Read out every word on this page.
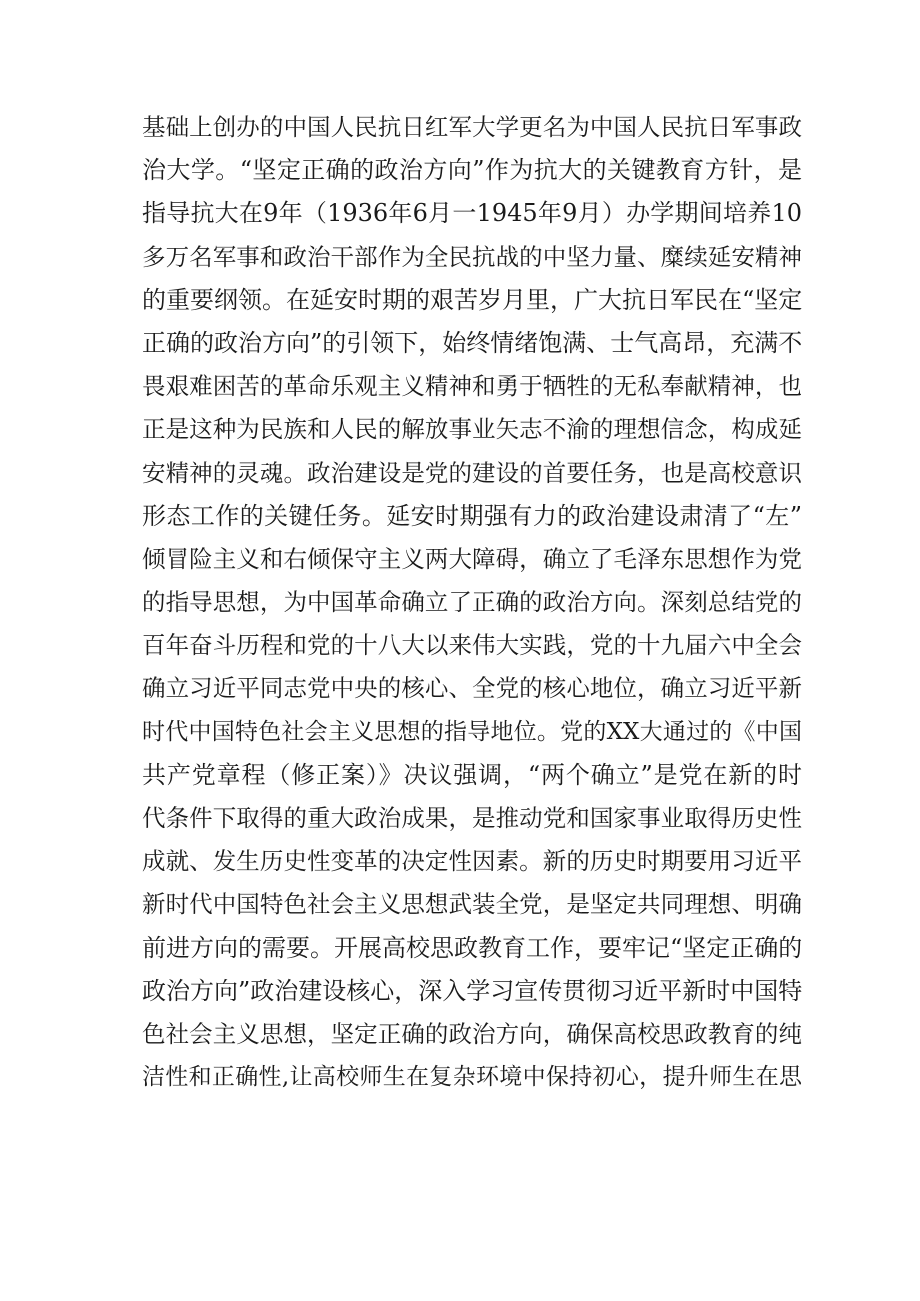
基础上创办的中国人民抗日红军大学更名为中国人民抗日军事政
治大学。“坚定正确的政治方向”作为抗大的关键教育方针，是
指导抗大在9年（1936年6月一1945年9月）办学期间培养10
多万名军事和政治干部作为全民抗战的中坚力量、糜续延安精神
的重要纲领。在延安时期的艰苦岁月里，广大抗日军民在“坚定
正确的政治方向”的引领下，始终情绪饱满、士气高昂，充满不
畏艰难困苦的革命乐观主义精神和勇于牺牲的无私奉献精神，也
正是这种为民族和人民的解放事业矢志不渝的理想信念，构成延
安精神的灵魂。政治建设是党的建设的首要任务，也是高校意识
形态工作的关键任务。延安时期强有力的政治建设肃清了“左”
倾冒险主义和右倾保守主义两大障碍，确立了毛泽东思想作为党
的指导思想，为中国革命确立了正确的政治方向。深刻总结党的
百年奋斗历程和党的十八大以来伟大实践，党的十九届六中全会
确立习近平同志党中央的核心、全党的核心地位，确立习近平新
时代中国特色社会主义思想的指导地位。党的XX大通过的《中国
共产党章程（修正案）》决议强调，“两个确立”是党在新的时
代条件下取得的重大政治成果，是推动党和国家事业取得历史性
成就、发生历史性变革的决定性因素。新的历史时期要用习近平
新时代中国特色社会主义思想武装全党，是坚定共同理想、明确
前进方向的需要。开展高校思政教育工作，要牢记“坚定正确的
政治方向”政治建设核心，深入学习宣传贯彻习近平新时中国特
色社会主义思想，坚定正确的政治方向，确保高校思政教育的纯
洁性和正确性,让高校师生在复杂环境中保持初心，提升师生在思
